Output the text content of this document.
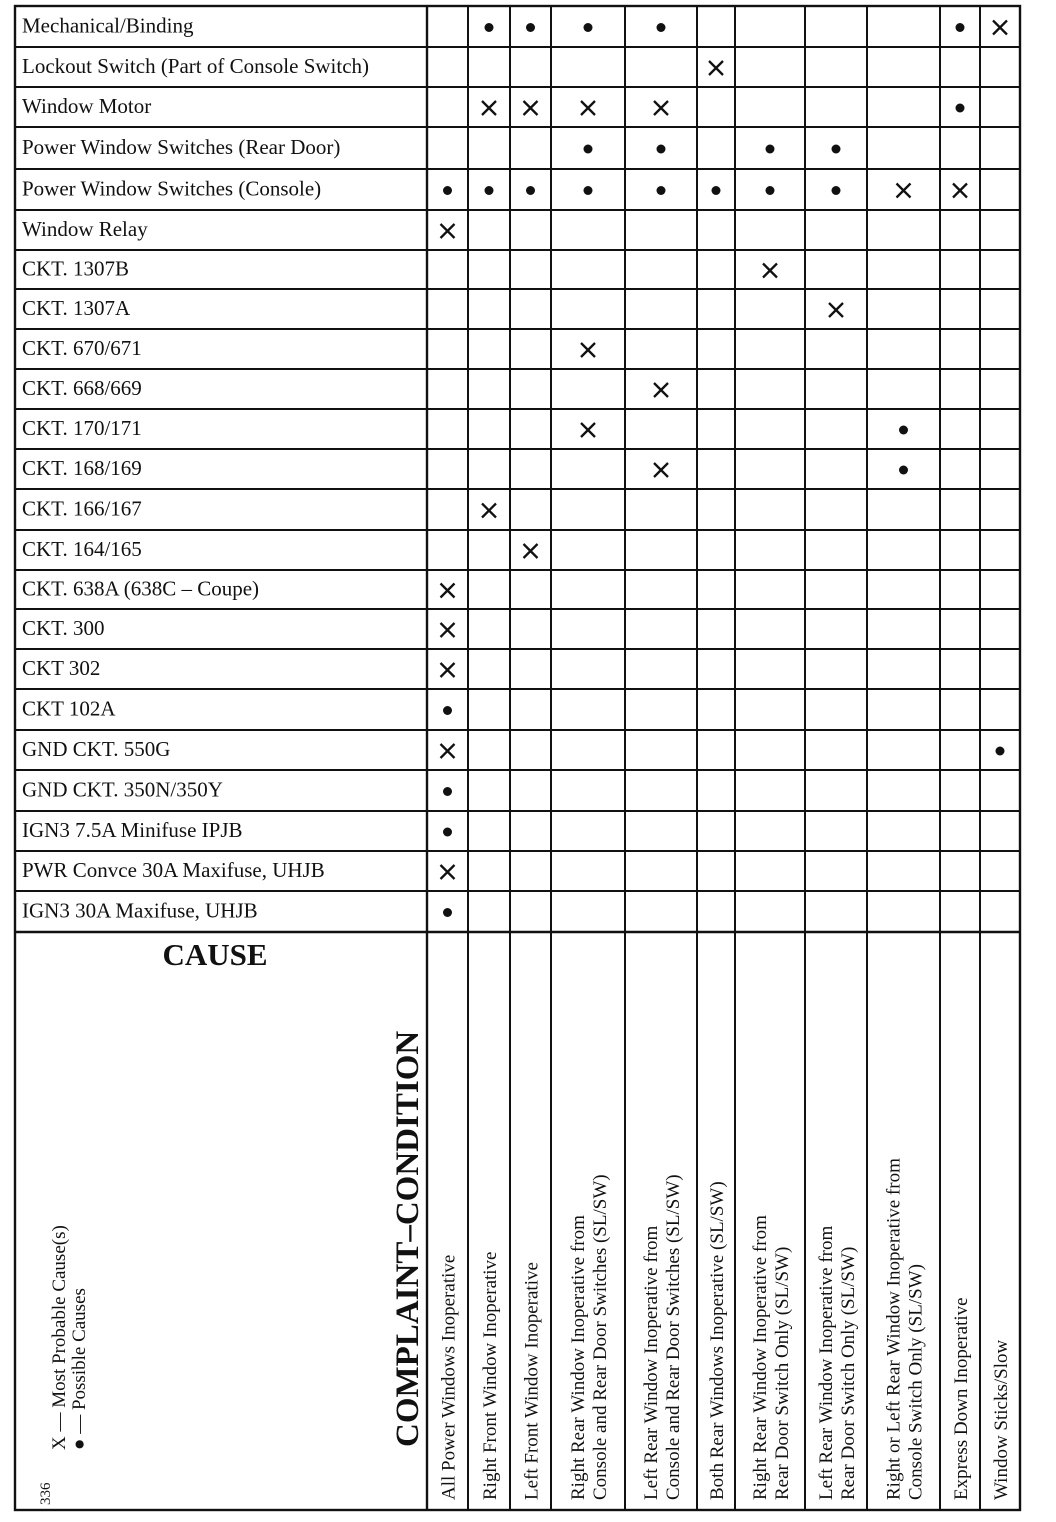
Mechanical/Binding
Lockout Switch (Part of Console Switch)
Window Motor
Power Window Switches (Rear Door)
Power Window Switches (Console)
Window Relay
CKT. 1307B
CKT. 1307A
CKT. 670/671
CKT. 668/669
CKT. 170/171
CKT. 168/169
CKT. 166/167
CKT. 164/165
CKT. 638A (638C – Coupe)
CKT. 300
CKT 302
CKT 102A
GND CKT. 550G
GND CKT. 350N/350Y
IGN3 7.5A Minifuse IPJB
PWR Convce 30A Maxifuse, UHJB
IGN3 30A Maxifuse, UHJB
All Power Windows Inoperative Right Front Window Inoperative Left Front Window Inoperative Right Rear Window Inoperative from Console and Rear Door Switches (SL/SW) Left Rear Window Inoperative from Console and Rear Door Switches (SL/SW) Both Rear Windows Inoperative (SL/SW) Right Rear Window Inoperative from Rear Door Switch Only (SL/SW) Left Rear Window Inoperative from Rear Door Switch Only (SL/SW) Right or Left Rear Window Inoperative from Console Switch Only (SL/SW) Express Down Inoperative Window Sticks/Slow
CAUSE
COMPLAINT–CONDITION
X — Most Probable Cause(s) ● — Possible Causes
336
